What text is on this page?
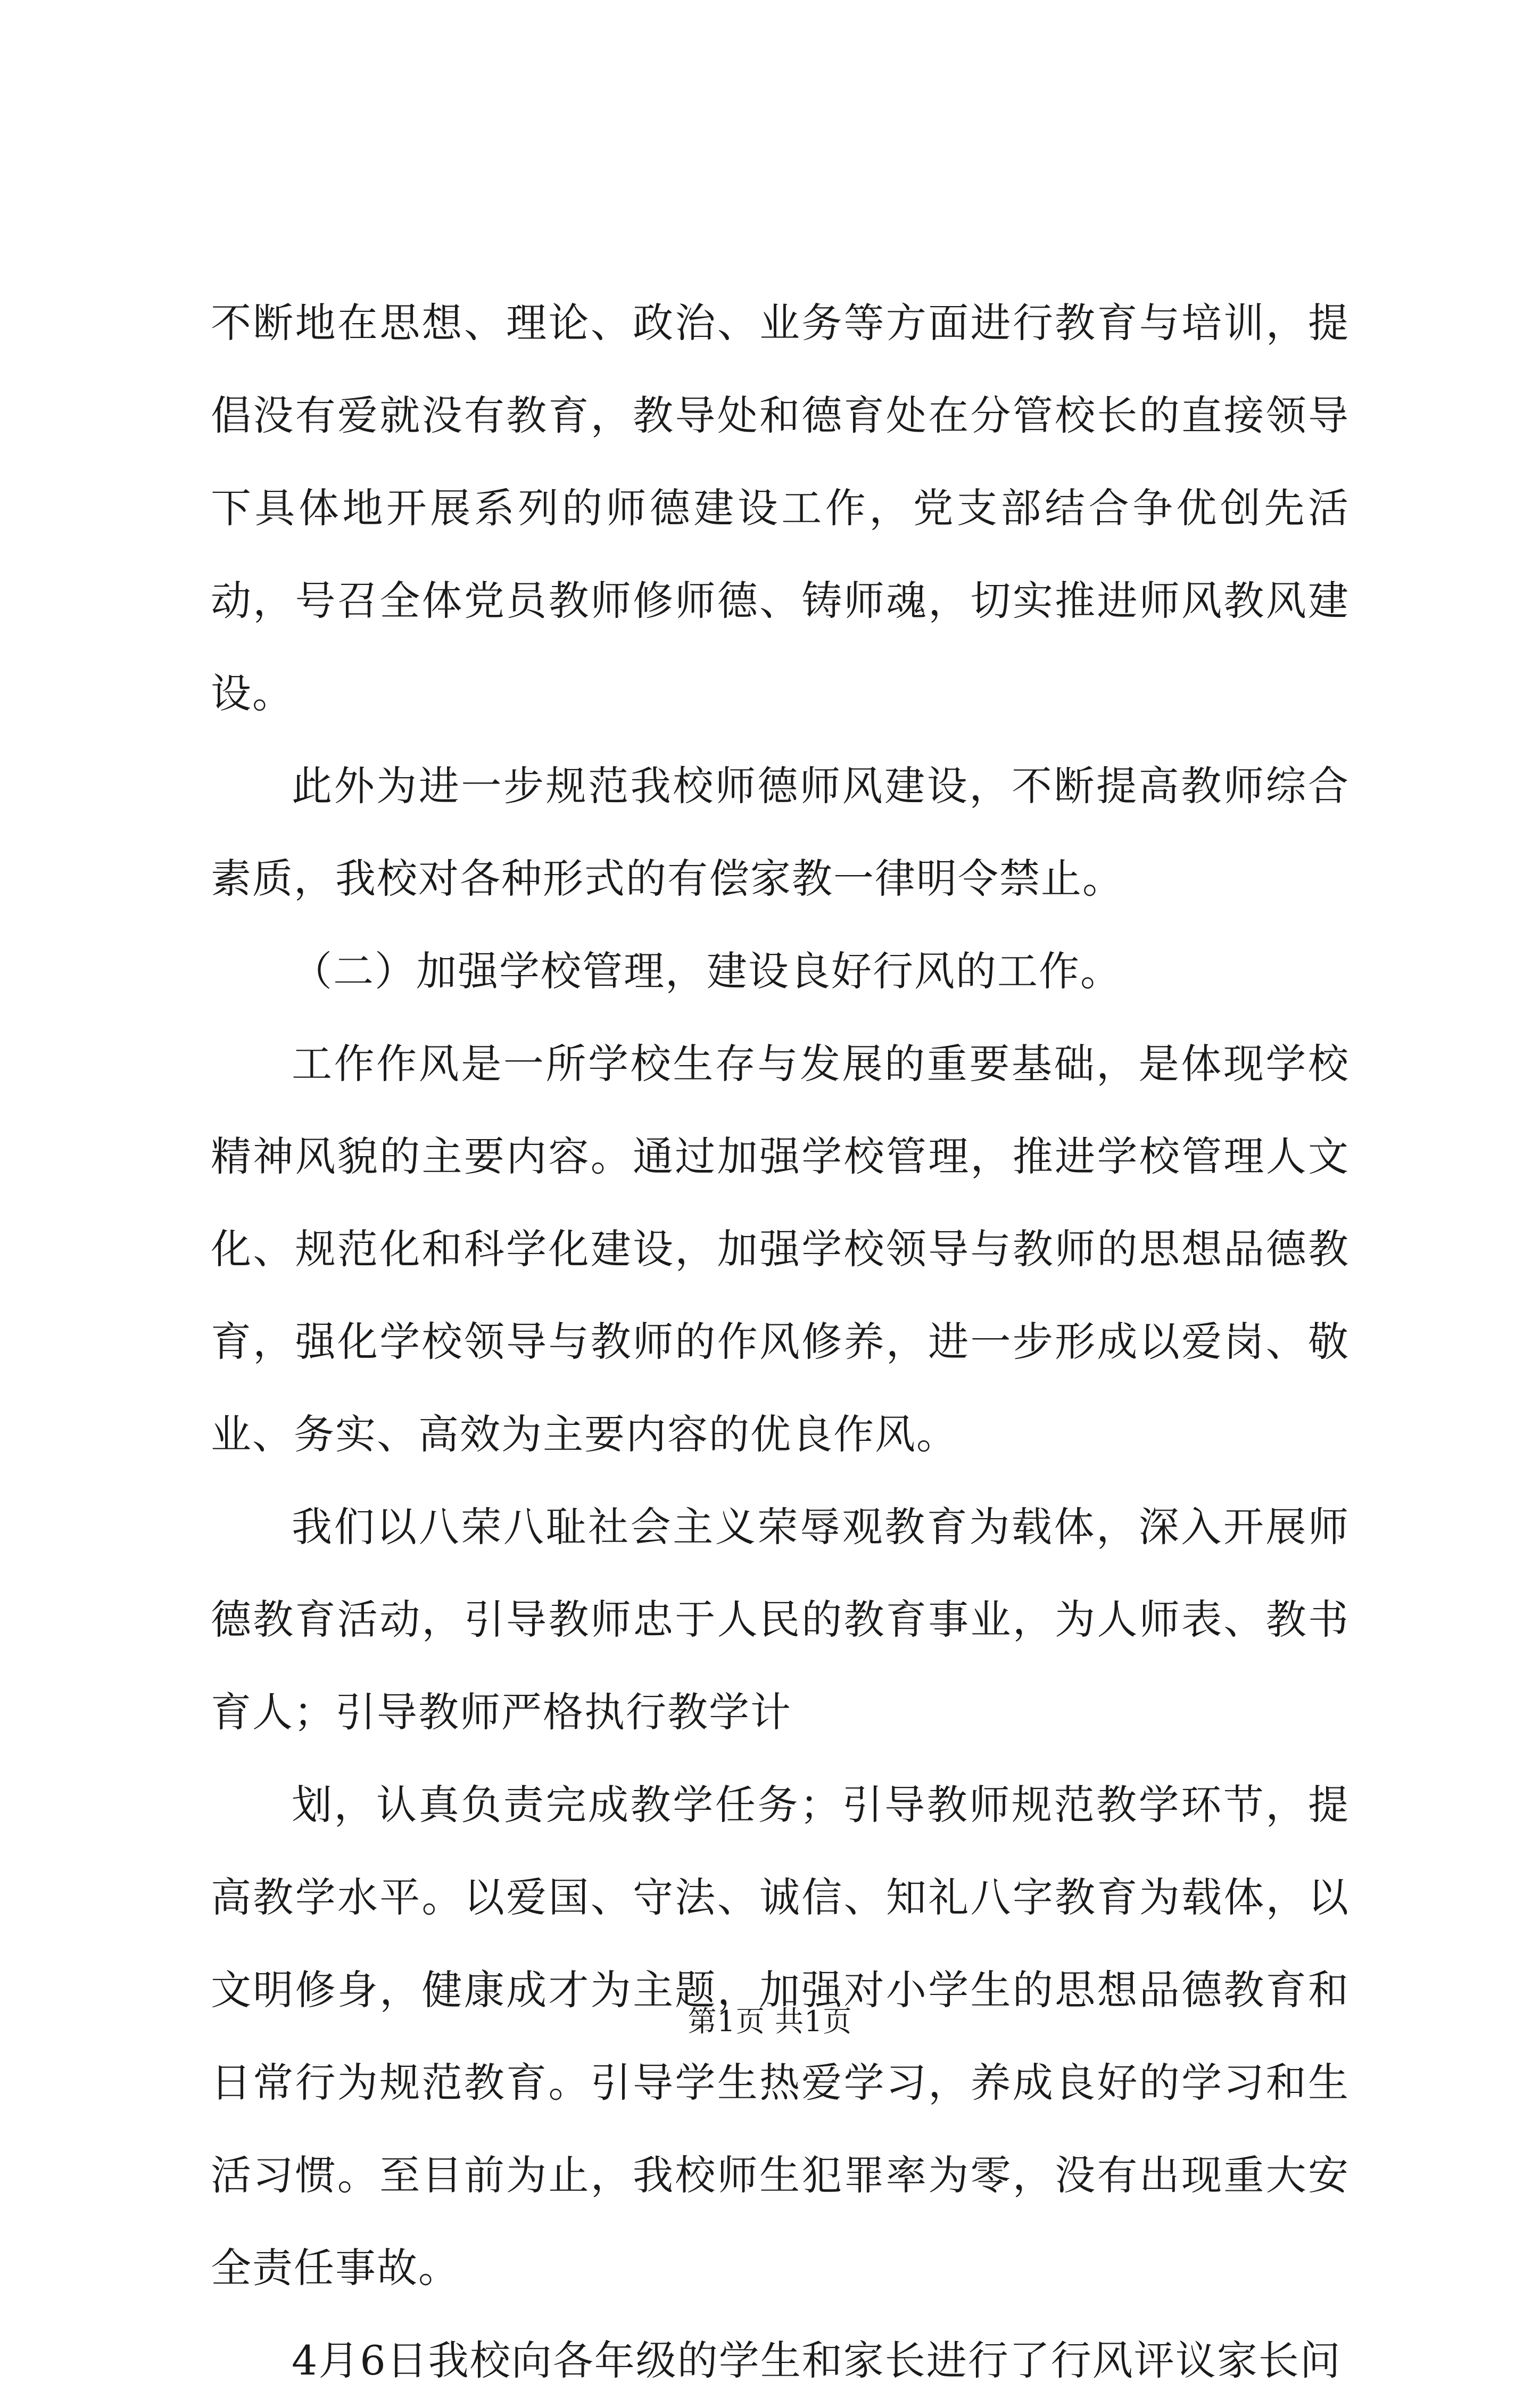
不断地在思想、理论、政治、业务等方面进行教育与培训，提倡没有爱就没有教育，教导处和德育处在分管校长的直接领导下具体地开展系列的师德建设工作，党支部结合争优创先活动，号召全体党员教师修师德、铸师魂，切实推进师风教风建设。

此外为进一步规范我校师德师风建设，不断提高教师综合素质，我校对各种形式的有偿家教一律明令禁止。

（二）加强学校管理，建设良好行风的工作。

工作作风是一所学校生存与发展的重要基础，是体现学校精神风貌的主要内容。通过加强学校管理，推进学校管理人文化、规范化和科学化建设，加强学校领导与教师的思想品德教育，强化学校领导与教师的作风修养，进一步形成以爱岗、敬业、务实、高效为主要内容的优良作风。

我们以八荣八耻社会主义荣辱观教育为载体，深入开展师德教育活动，引导教师忠于人民的教育事业，为人师表、教书育人；引导教师严格执行教学计

划，认真负责完成教学任务；引导教师规范教学环节，提高教学水平。以爱国、守法、诚信、知礼八字教育为载体，以文明修身，健康成才为主题，加强对小学生的思想品德教育和日常行为规范教育。引导学生热爱学习，养成良好的学习和生活习惯。至目前为止，我校师生犯罪率为零，没有出现重大安全责任事故。

4月6日我校向各年级的学生和家长进行了行风评议家长问

第1页 共1页
